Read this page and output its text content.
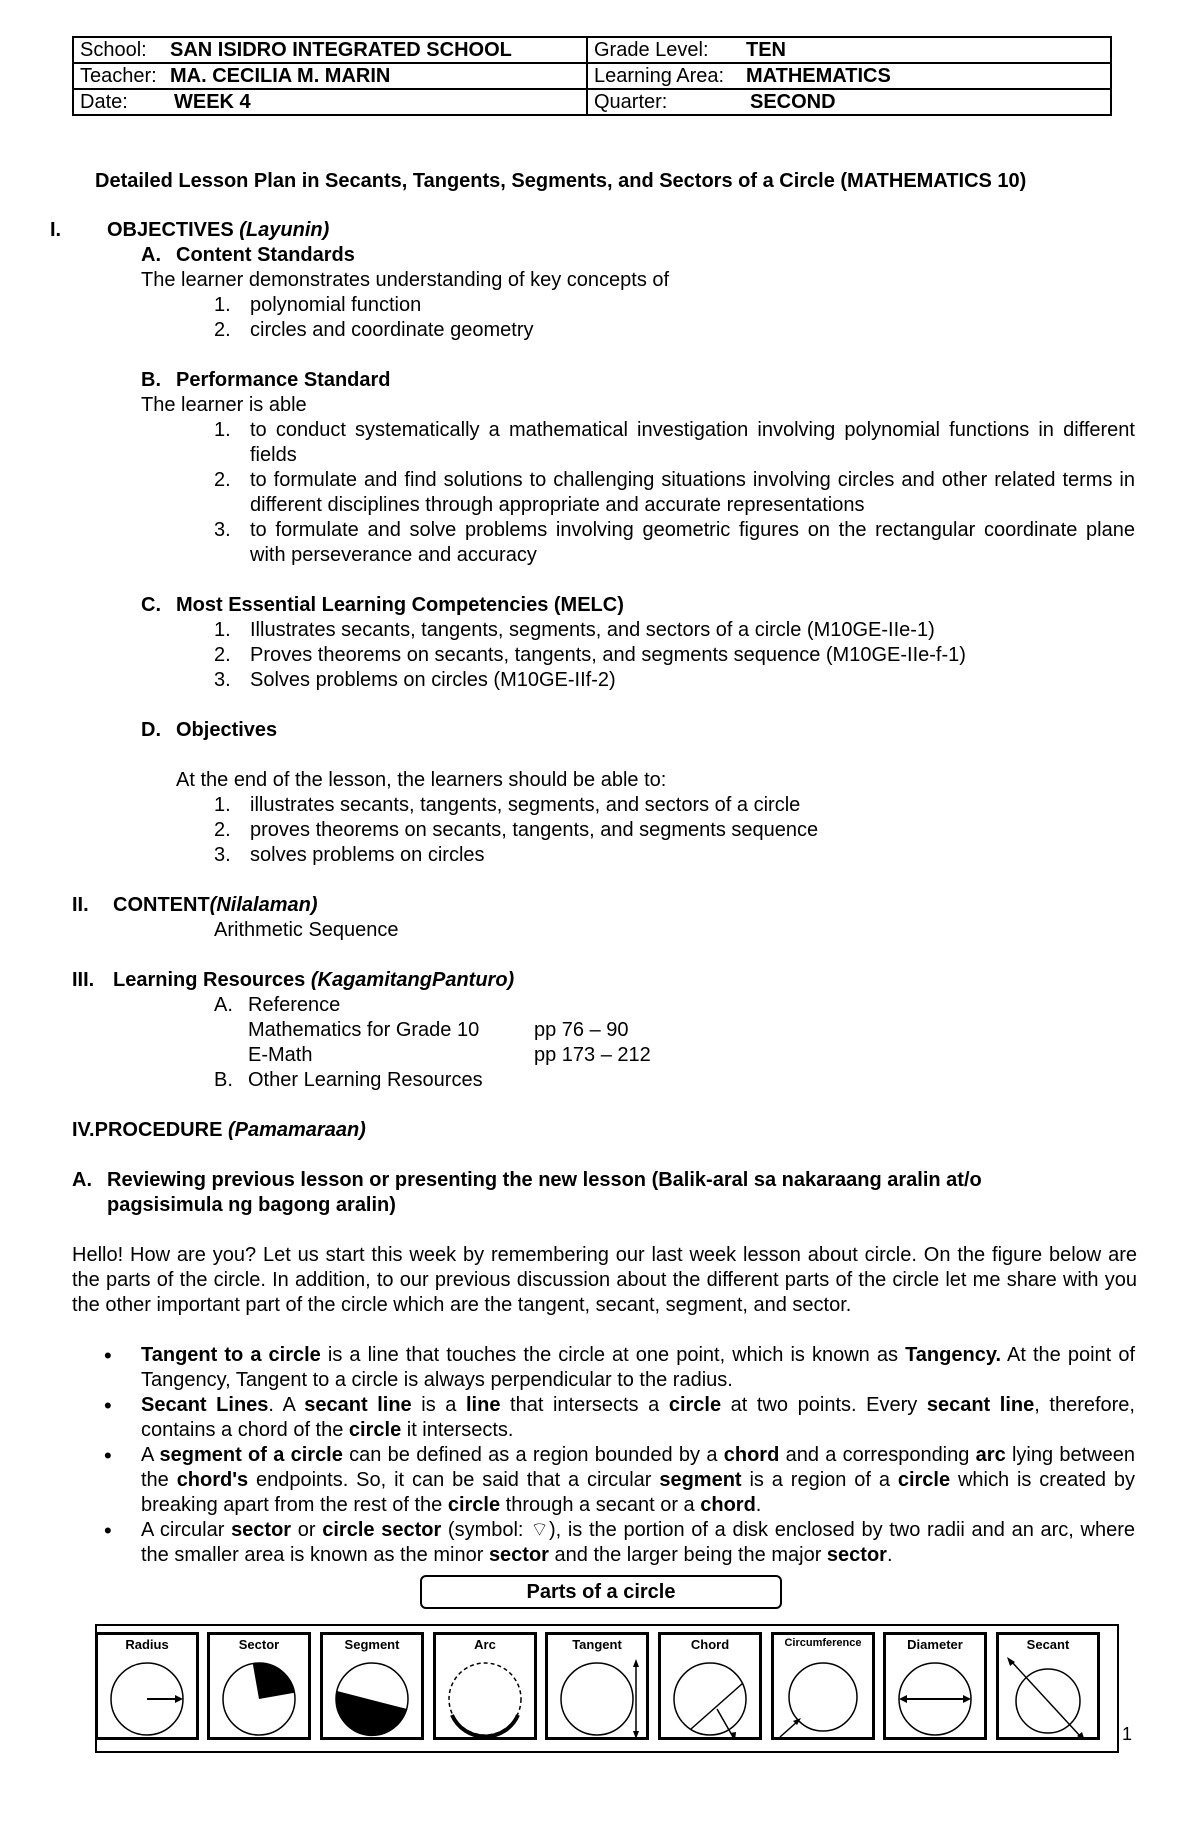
School: SAN ISIDRO INTEGRATED SCHOOL	Grade Level: TEN
Teacher: MA. CECILIA M. MARIN	Learning Area: MATHEMATICS
Date: WEEK 4	Quarter: SECOND
Detailed Lesson Plan in Secants, Tangents, Segments, and Sectors of a Circle (MATHEMATICS 10)
I. OBJECTIVES (Layunin)
A. Content Standards
The learner demonstrates understanding of key concepts of
1. polynomial function
2. circles and coordinate geometry
B. Performance Standard
The learner is able
1. to conduct systematically a mathematical investigation involving polynomial functions in different fields
2. to formulate and find solutions to challenging situations involving circles and other related terms in different disciplines through appropriate and accurate representations
3. to formulate and solve problems involving geometric figures on the rectangular coordinate plane with perseverance and accuracy
C. Most Essential Learning Competencies (MELC)
1. Illustrates secants, tangents, segments, and sectors of a circle (M10GE-IIe-1)
2. Proves theorems on secants, tangents, and segments sequence (M10GE-IIe-f-1)
3. Solves problems on circles (M10GE-IIf-2)
D. Objectives
At the end of the lesson, the learners should be able to:
1. illustrates secants, tangents, segments, and sectors of a circle
2. proves theorems on secants, tangents, and segments sequence
3. solves problems on circles
II. CONTENT(Nilalaman)
Arithmetic Sequence
III. Learning Resources (KagamitangPanturo)
A. Reference
Mathematics for Grade 10	pp 76 – 90
E-Math	pp 173 – 212
B. Other Learning Resources
IV.PROCEDURE (Pamamaraan)
A. Reviewing previous lesson or presenting the new lesson (Balik-aral sa nakaraang aralin at/o
pagsisimula ng bagong aralin)
Hello! How are you? Let us start this week by remembering our last week lesson about circle. On the figure below are the parts of the circle. In addition, to our previous discussion about the different parts of the circle let me share with you the other important part of the circle which are the tangent, secant, segment, and sector.
• Tangent to a circle is a line that touches the circle at one point, which is known as Tangency. At the point of Tangency, Tangent to a circle is always perpendicular to the radius.
• Secant Lines. A secant line is a line that intersects a circle at two points. Every secant line, therefore, contains a chord of the circle it intersects.
• A segment of a circle can be defined as a region bounded by a chord and a corresponding arc lying between the chord's endpoints. So, it can be said that a circular segment is a region of a circle which is created by breaking apart from the rest of the circle through a secant or a chord.
• A circular sector or circle sector (symbol: ⌔), is the portion of a disk enclosed by two radii and an arc, where the smaller area is known as the minor sector and the larger being the major sector.
Parts of a circle
Radius	Sector	Segment	Arc	Tangent	Chord	Circumference	Diameter	Secant
1
